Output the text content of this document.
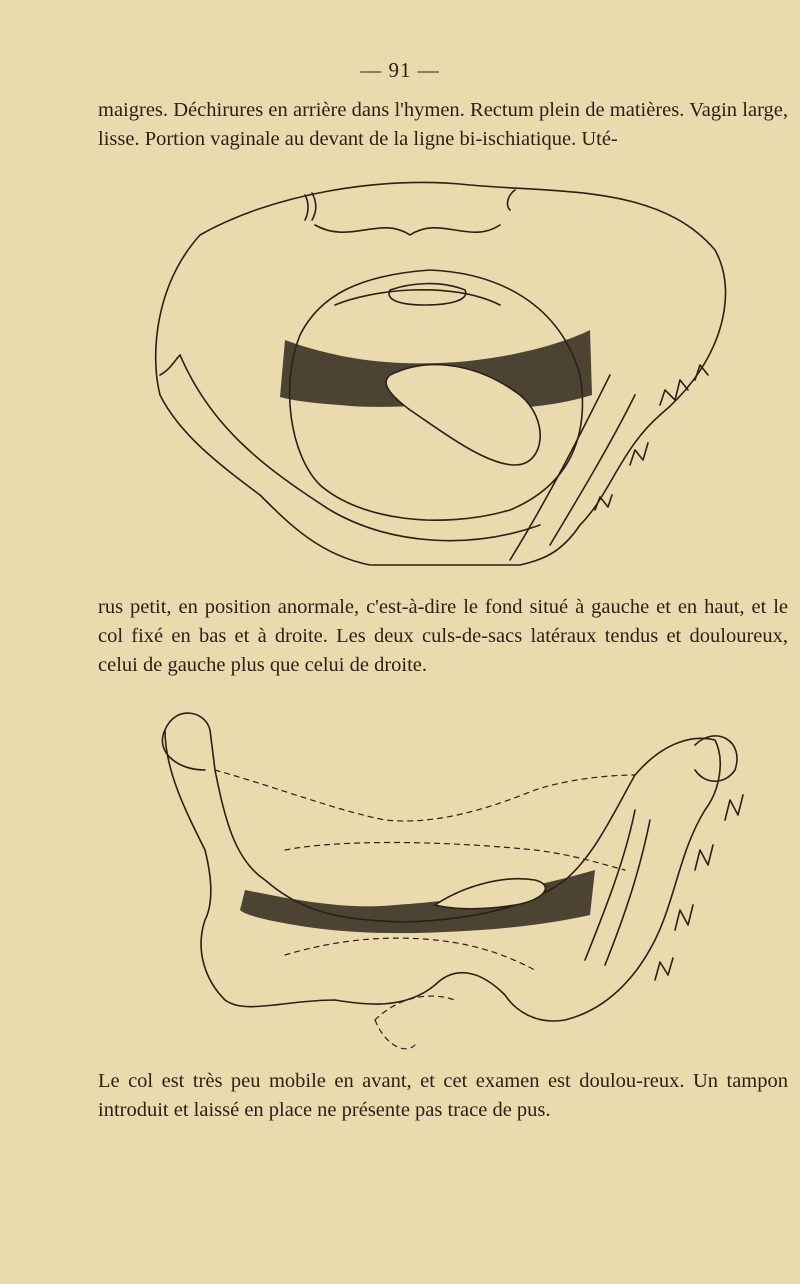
— 91 —

maigres. Déchirures en arrière dans l'hymen. Rectum plein de matières. Vagin large, lisse. Portion vaginale au devant de la ligne bi-ischiatique. Uté-

rus petit, en position anormale, c'est-à-dire le fond situé à gauche et en haut, et le col fixé en bas et à droite. Les deux culs-de-sacs latéraux tendus et douloureux, celui de gauche plus que celui de droite.

Le col est très peu mobile en avant, et cet examen est doulou-reux. Un tampon introduit et laissé en place ne présente pas trace de pus.
